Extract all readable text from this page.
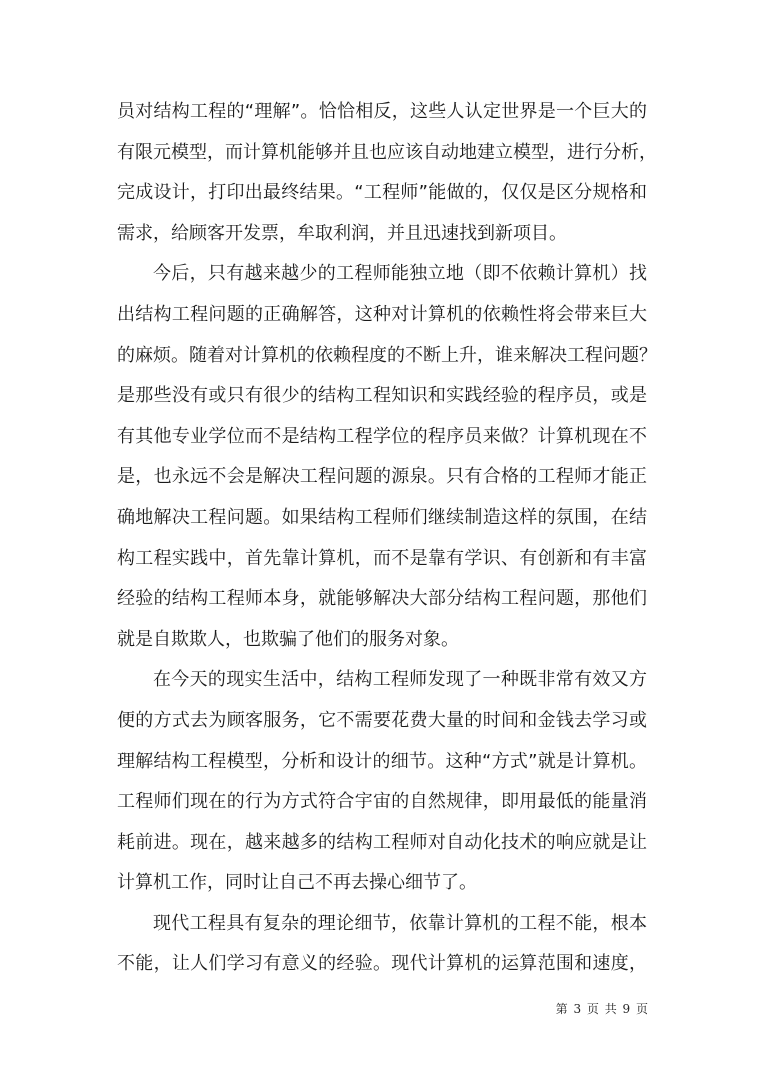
员对结构工程的“理解”。恰恰相反，这些人认定世界是一个巨大的
有限元模型，而计算机能够并且也应该自动地建立模型，进行分析，
完成设计，打印出最终结果。“工程师”能做的，仅仅是区分规格和
需求，给顾客开发票，牟取利润，并且迅速找到新项目。
今后，只有越来越少的工程师能独立地（即不依赖计算机）找
出结构工程问题的正确解答，这种对计算机的依赖性将会带来巨大
的麻烦。随着对计算机的依赖程度的不断上升，谁来解决工程问题？
是那些没有或只有很少的结构工程知识和实践经验的程序员，或是
有其他专业学位而不是结构工程学位的程序员来做？计算机现在不
是，也永远不会是解决工程问题的源泉。只有合格的工程师才能正
确地解决工程问题。如果结构工程师们继续制造这样的氛围，在结
构工程实践中，首先靠计算机，而不是靠有学识、有创新和有丰富
经验的结构工程师本身，就能够解决大部分结构工程问题，那他们
就是自欺欺人，也欺骗了他们的服务对象。
在今天的现实生活中，结构工程师发现了一种既非常有效又方
便的方式去为顾客服务，它不需要花费大量的时间和金钱去学习或
理解结构工程模型，分析和设计的细节。这种“方式”就是计算机。
工程师们现在的行为方式符合宇宙的自然规律，即用最低的能量消
耗前进。现在，越来越多的结构工程师对自动化技术的响应就是让
计算机工作，同时让自己不再去操心细节了。
现代工程具有复杂的理论细节，依靠计算机的工程不能，根本
不能，让人们学习有意义的经验。现代计算机的运算范围和速度，
第 3 页 共 9 页
